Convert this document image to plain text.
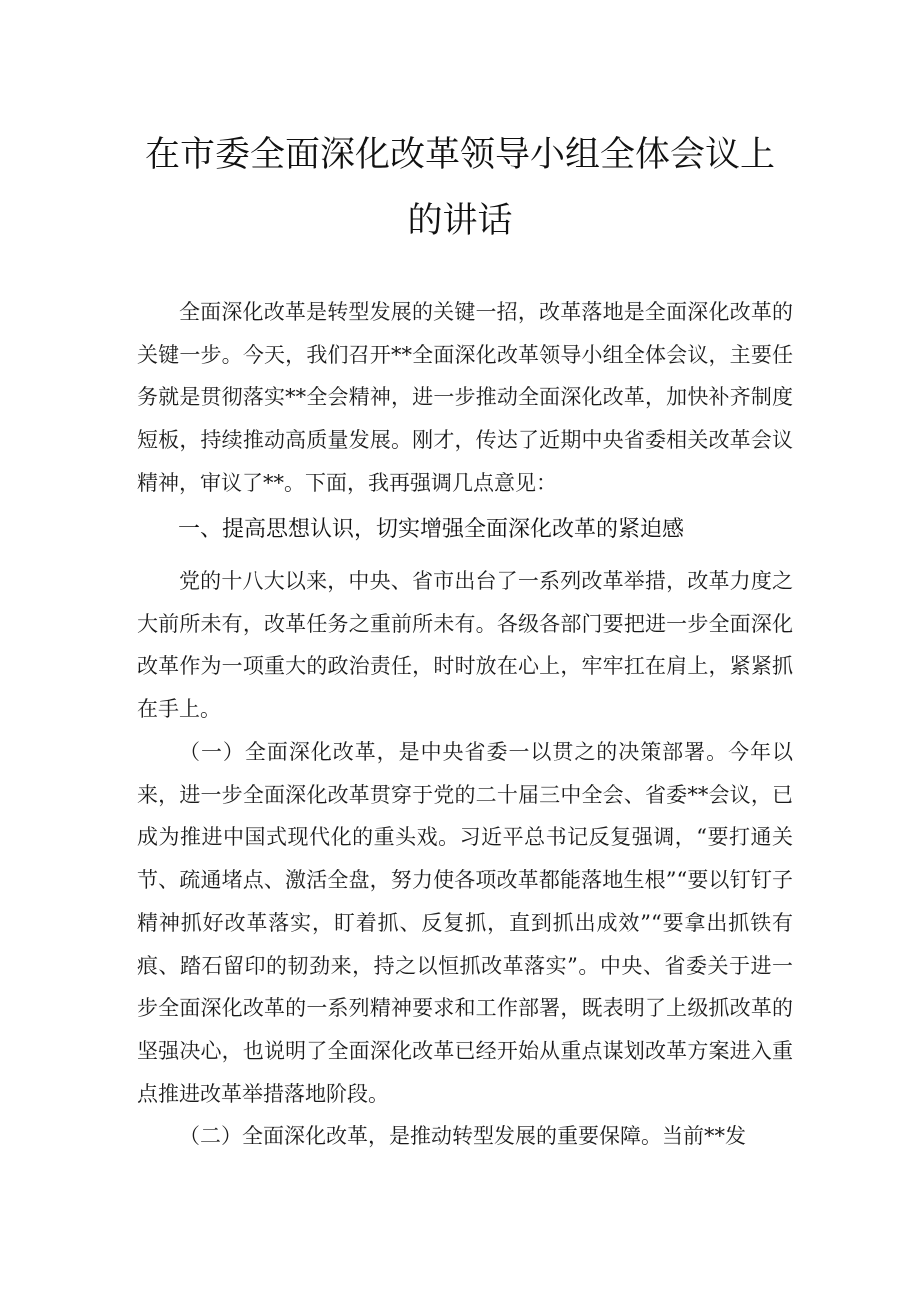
在市委全面深化改革领导小组全体会议上
的讲话

全面深化改革是转型发展的关键一招，改革落地是全面深化改革的关键一步。今天，我们召开**全面深化改革领导小组全体会议，主要任务就是贯彻落实**全会精神，进一步推动全面深化改革，加快补齐制度短板，持续推动高质量发展。刚才，传达了近期中央省委相关改革会议精神，审议了**。下面，我再强调几点意见：

一、提高思想认识，切实增强全面深化改革的紧迫感

党的十八大以来，中央、省市出台了一系列改革举措，改革力度之大前所未有，改革任务之重前所未有。各级各部门要把进一步全面深化改革作为一项重大的政治责任，时时放在心上，牢牢扛在肩上，紧紧抓在手上。

（一）全面深化改革，是中央省委一以贯之的决策部署。今年以来，进一步全面深化改革贯穿于党的二十届三中全会、省委**会议，已成为推进中国式现代化的重头戏。习近平总书记反复强调，“要打通关节、疏通堵点、激活全盘，努力使各项改革都能落地生根”“要以钉钉子精神抓好改革落实，盯着抓、反复抓，直到抓出成效”“要拿出抓铁有痕、踏石留印的韧劲来，持之以恒抓改革落实”。中央、省委关于进一步全面深化改革的一系列精神要求和工作部署，既表明了上级抓改革的坚强决心，也说明了全面深化改革已经开始从重点谋划改革方案进入重点推进改革举措落地阶段。

（二）全面深化改革，是推动转型发展的重要保障。当前**发
